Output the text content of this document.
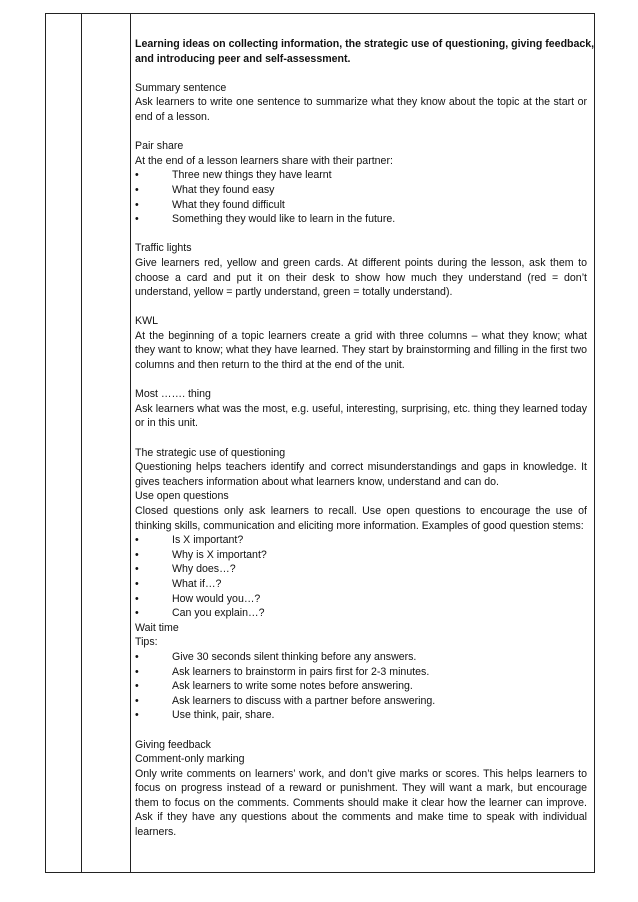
Learning ideas on collecting information, the strategic use of questioning, giving feedback,
and introducing peer and self-assessment.
Summary sentence
Ask learners to write one sentence to summarize what they know about the topic at the start or end of a lesson.
Pair share
At the end of a lesson learners share with their partner:
•	Three new things they have learnt
•	What they found easy
•	What they found difficult
•	Something they would like to learn in the future.
Traffic lights
Give learners red, yellow and green cards. At different points during the lesson, ask them to choose a card and put it on their desk to show how much they understand (red = don’t understand, yellow = partly understand, green = totally understand).
KWL
At the beginning of a topic learners create a grid with three columns – what they know; what they want to know; what they have learned. They start by brainstorming and filling in the first two columns and then return to the third at the end of the unit.
Most ……. thing
Ask learners what was the most, e.g. useful, interesting, surprising, etc. thing they learned today or in this unit.
The strategic use of questioning
Questioning helps teachers identify and correct misunderstandings and gaps in knowledge. It gives teachers information about what learners know, understand and can do.
Use open questions
Closed questions only ask learners to recall. Use open questions to encourage the use of thinking skills, communication and eliciting more information. Examples of good question stems:
•	Is X important?
•	Why is X important?
•	Why does…?
•	What if…?
•	How would you…?
•	Can you explain…?
Wait time
Tips:
•	Give 30 seconds silent thinking before any answers.
•	Ask learners to brainstorm in pairs first for 2-3 minutes.
•	Ask learners to write some notes before answering.
•	Ask learners to discuss with a partner before answering.
•	Use think, pair, share.
Giving feedback
Comment-only marking
Only write comments on learners’ work, and don’t give marks or scores. This helps learners to focus on progress instead of a reward or punishment. They will want a mark, but encourage them to focus on the comments. Comments should make it clear how the learner can improve. Ask if they have any questions about the comments and make time to speak with individual learners.
